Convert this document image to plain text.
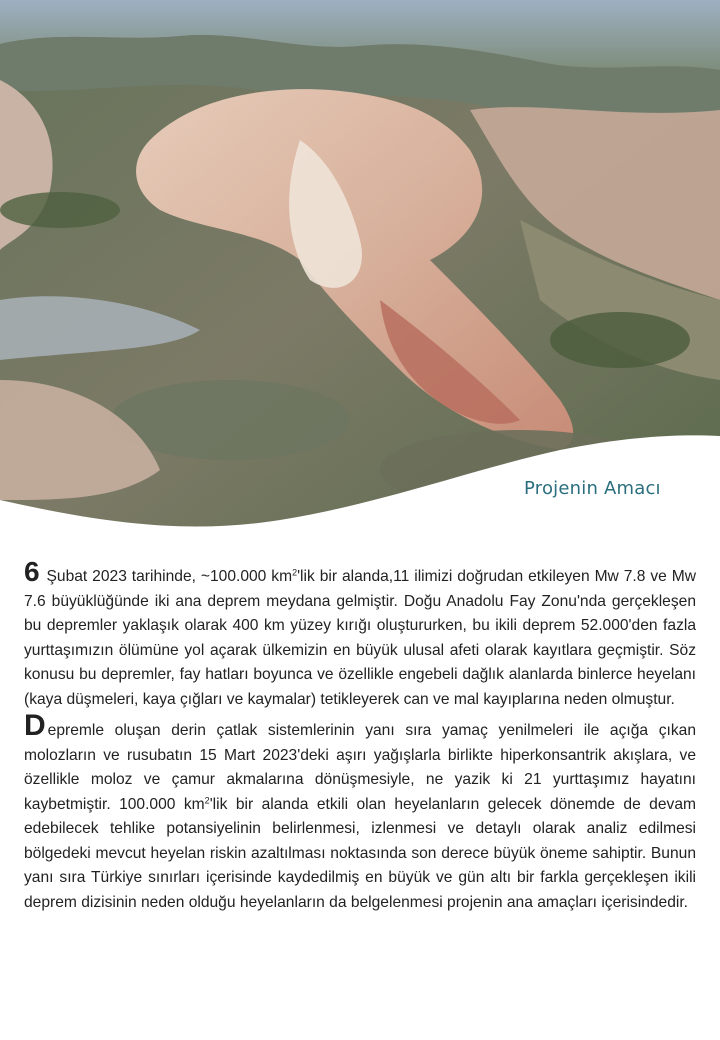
Projenin Amacı

6 Şubat 2023 tarihinde, ~100.000 $km^2'lik$ bir alanda,11 ilimizi doğrudan etkileyen Mw 7.8 ve Mw 7.6 büyüklüğünde iki ana deprem meydana gelmiştir. Doğu Anadolu Fay Zonu'nda gerçekleşen bu depremler yaklaşık olarak 400 km yüzey kırığı oluştururken, bu ikili deprem 52.000'den fazla yurttaşımızın ölümüne yol açarak ülkemizin en büyük ulusal afeti olarak kayıtlara geçmiştir. Söz konusu bu depremler, fay hatları boyunca ve özellikle engebeli dağlık alanlarda binlerce heyelanı (kaya düşmeleri, kaya çığları ve kaymalar) tetikleyerek can ve mal kayıplarına neden olmuştur.

Depremle oluşan derin çatlak sistemlerinin yanı sıra yamaç yenilmeleri ile açığa çıkan molozların ve rusubatın 15 Mart 2023'deki aşırı yağışlarla birlikte hiperkonsantrik akışlara, ve özellikle moloz ve çamur akmalarına dönüşmesiyle, ne yazik ki 21 yurttaşımız hayatını kaybetmiştir. 100.000 $km^2'lik$ bir alanda etkili olan heyelanların gelecek dönemde de devam edebilecek tehlike potansiyelinin belirlenmesi, izlenmesi ve detaylı olarak analiz edilmesi bölgedeki mevcut heyelan riskin azaltılması noktasında son derece büyük öneme sahiptir. Bunun yanı sıra Türkiye sınırları içerisinde kaydedilmiş en büyük ve gün altı bir farkla gerçekleşen ikili deprem dizisinin neden olduğu heyelanların da belgelenmesi projenin ana amaçları içerisindedir.
